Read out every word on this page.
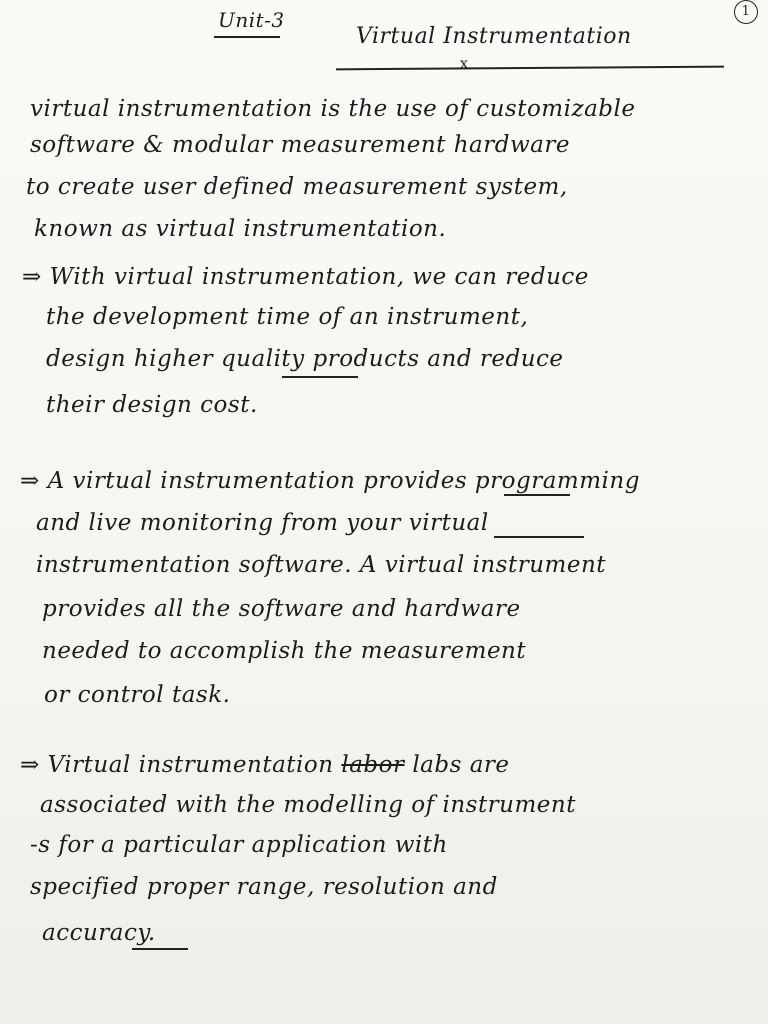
Unit-3	1

Virtual Instrumentation

x

virtual instrumentation is the use of customizable

software & modular measurement hardware

to create user defined measurement system,

known as virtual instrumentation.

⇒ With virtual instrumentation, we can reduce

the development time of an instrument,

design higher quality products and reduce

their design cost.

⇒ A virtual instrumentation provides programming

and live monitoring from your virtual

instrumentation software. A virtual instrument

provides all the software and hardware

needed to accomplish the measurement

or control task.

⇒ Virtual instrumentation labor labs are

associated with the modelling of instrument

-s for a particular application with

specified proper range, resolution and

accuracy.
